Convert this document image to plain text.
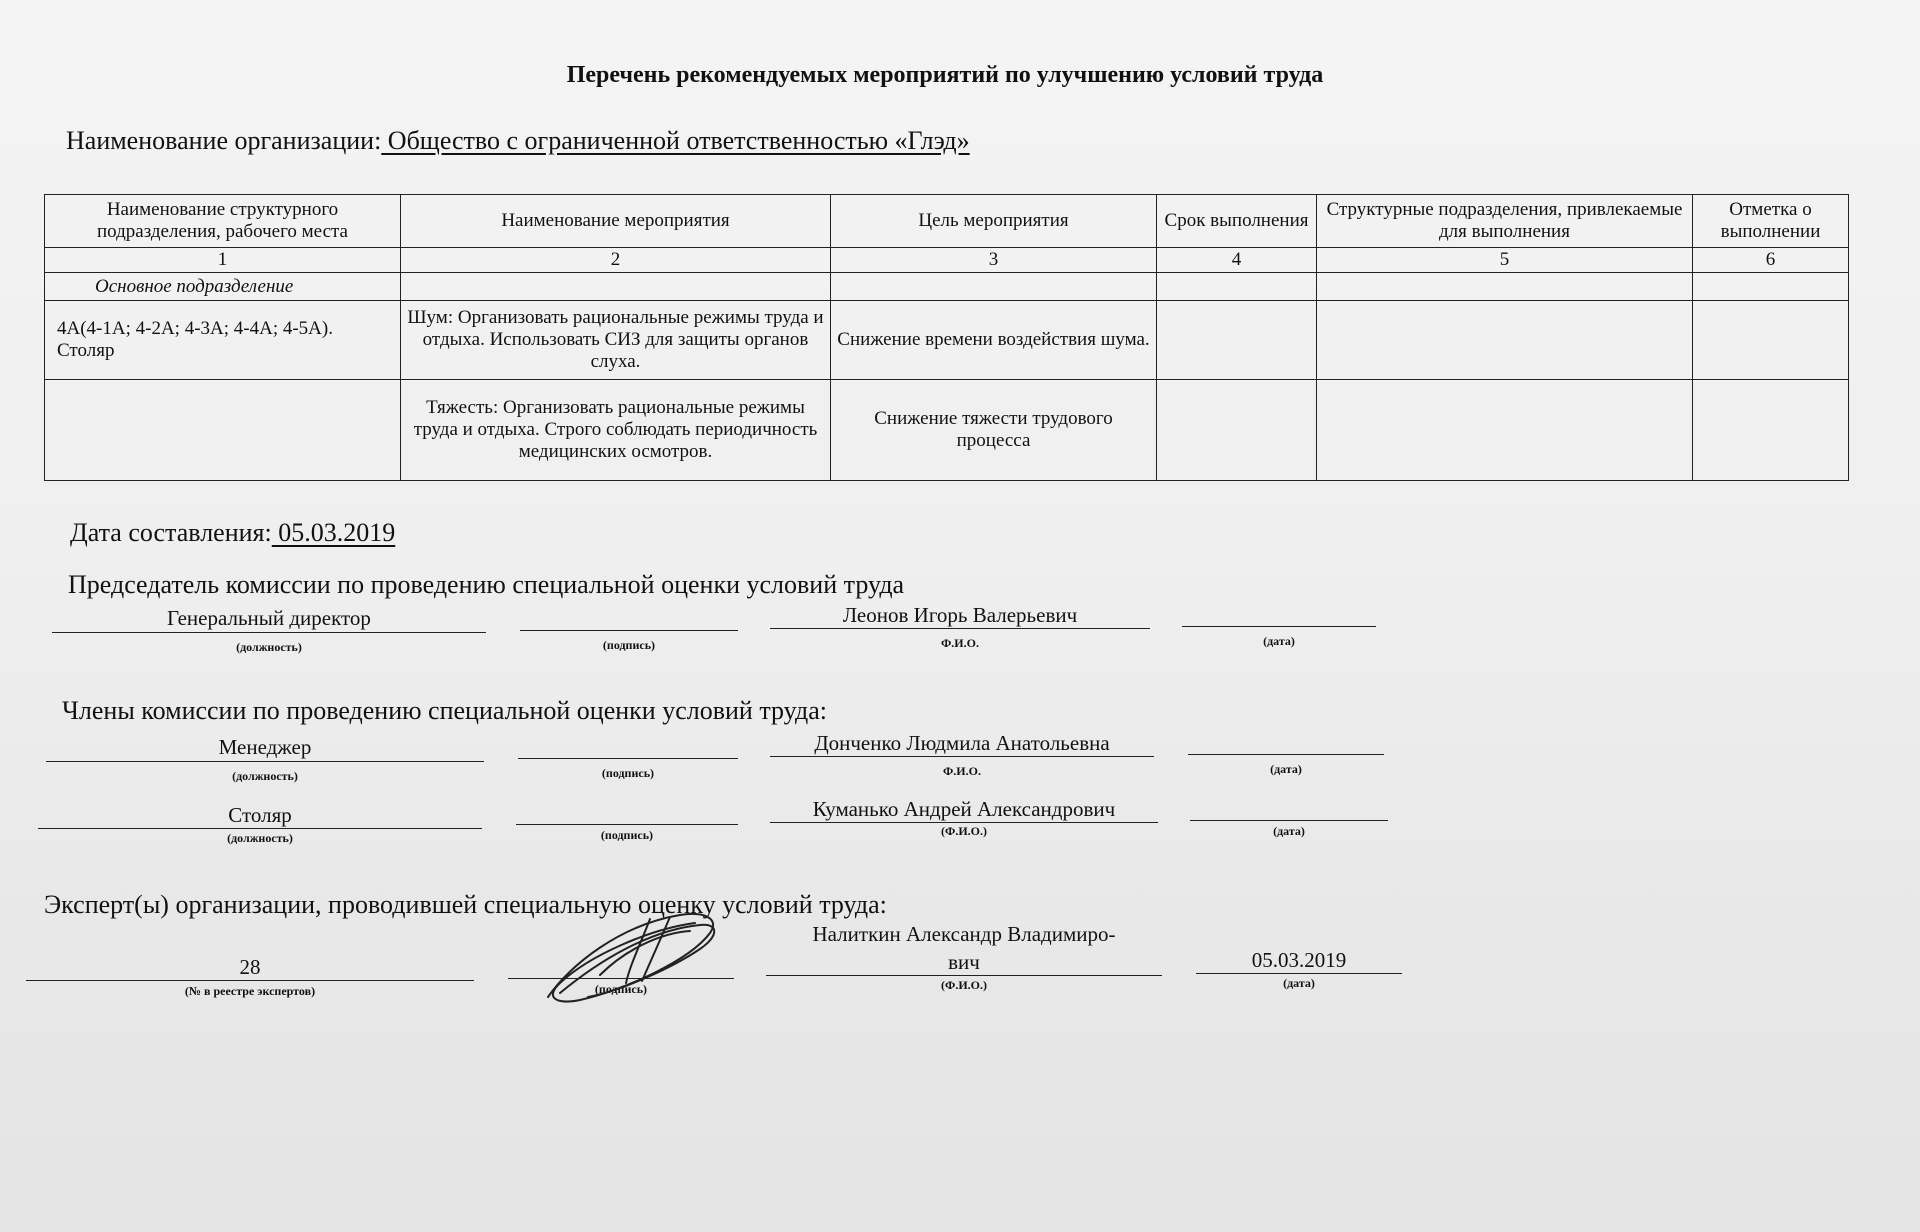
Перечень рекомендуемых мероприятий по улучшению условий труда
Наименование организации: Общество с ограниченной ответственностью «Глэд»
Наименование структурного подразделения, рабочего места	Наименование мероприятия	Цель мероприятия	Срок выполнения	Структурные подразделения, привлекаемые для выполнения	Отметка о выполнении
1	2	3	4	5	6
Основное подразделение					
4А(4-1А; 4-2А; 4-3А; 4-4А; 4-5А). Столяр	Шум: Организовать рациональные режимы труда и отдыха. Использовать СИЗ для защиты органов слуха.	Снижение времени воздействия шума.			
	Тяжесть: Организовать рациональные режимы труда и отдыха. Строго соблюдать периодичность медицинских осмотров.	Снижение тяжести трудового процесса			
Дата составления: 05.03.2019
Председатель комиссии по проведению специальной оценки условий труда
Генеральный директор
(должность)	(подпись)
Леонов Игорь Валерьевич
Ф.И.О.	(дата)
Члены комиссии по проведению специальной оценки условий труда:
Менеджер
(должность)	(подпись)
Донченко Людмила Анатольевна
Ф.И.О.	(дата)
Столяр
(должность)	(подпись)
Куманько Андрей Александрович
(Ф.И.О.)	(дата)
Эксперт(ы) организации, проводившей специальную оценку условий труда:
28
(№ в реестре экспертов)	(подпись)
Налиткин Александр Владимиро-
вич
(Ф.И.О.)
05.03.2019
(дата)
